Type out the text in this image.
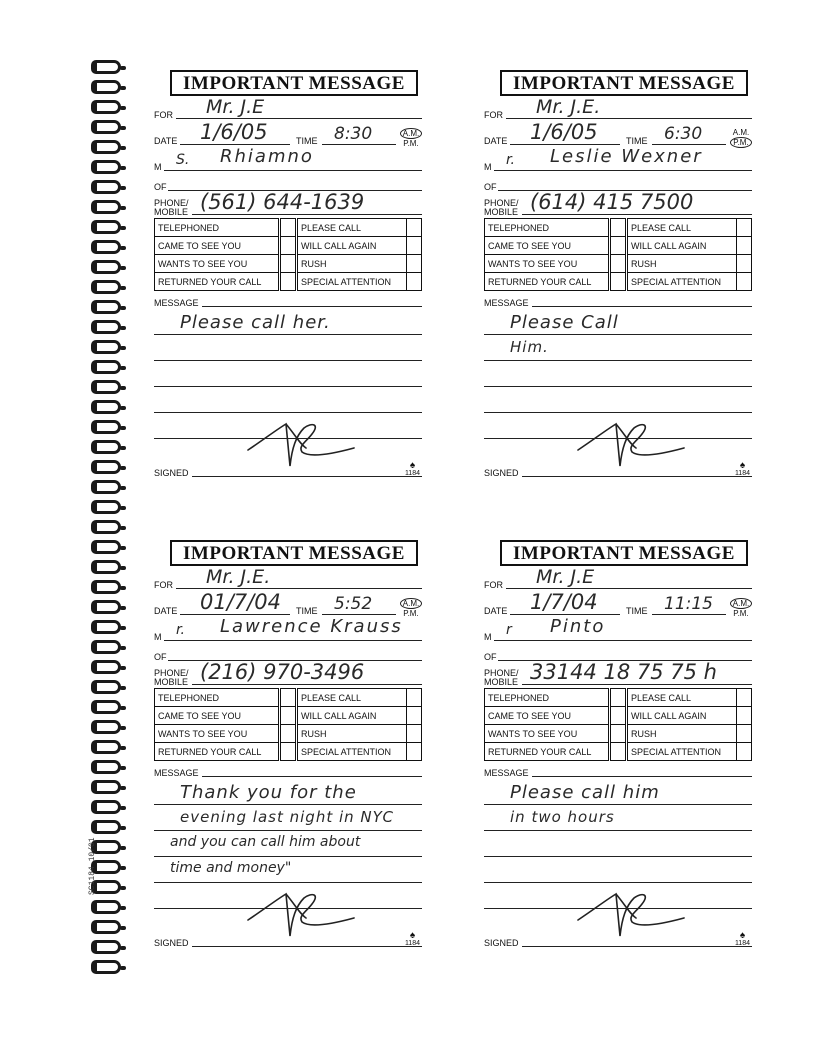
SC1184 10/01
IMPORTANT MESSAGE
FOR Mr. J.E
DATE 1/6/05	TIME 8:30	A.M.
P.M.
M S. Rhiamno
OF
PHONE/
MOBILE (561) 644-1639
TELEPHONED		PLEASE CALL	
CAME TO SEE YOU		WILL CALL AGAIN	
WANTS TO SEE YOU		RUSH	
RETURNED YOUR CALL		SPECIAL ATTENTION	
MESSAGE
Please call her.
SIGNED
♠
1184
IMPORTANT MESSAGE
FOR Mr. J.E.
DATE 1/6/05	TIME 6:30	A.M.
P.M.
M r. Leslie Wexner
OF
PHONE/
MOBILE (614) 415 7500
TELEPHONED		PLEASE CALL	
CAME TO SEE YOU		WILL CALL AGAIN	
WANTS TO SEE YOU		RUSH	
RETURNED YOUR CALL		SPECIAL ATTENTION	
MESSAGE
Please Call
Him.
SIGNED
♠
1184
IMPORTANT MESSAGE
FOR Mr. J.E.
DATE 01/7/04 TIME 5:52	A.M.
P.M.
M r. Lawrence Krauss
OF
PHONE/
MOBILE (216) 970-3496
TELEPHONED		PLEASE CALL	
CAME TO SEE YOU		WILL CALL AGAIN	
WANTS TO SEE YOU		RUSH	
RETURNED YOUR CALL		SPECIAL ATTENTION	
MESSAGE
Thank you for the
evening last night in NYC
and you can call him about
time and money"
SIGNED
♠
1184
IMPORTANT MESSAGE
FOR Mr. J.E
DATE 1/7/04	TIME 11:15	A.M.
P.M.
M r Pinto
OF
PHONE/
MOBILE 33144 18 75 75 h
TELEPHONED		PLEASE CALL	
CAME TO SEE YOU		WILL CALL AGAIN	
WANTS TO SEE YOU		RUSH	
RETURNED YOUR CALL		SPECIAL ATTENTION	
MESSAGE
Please call him
in two hours
SIGNED
♠
1184
